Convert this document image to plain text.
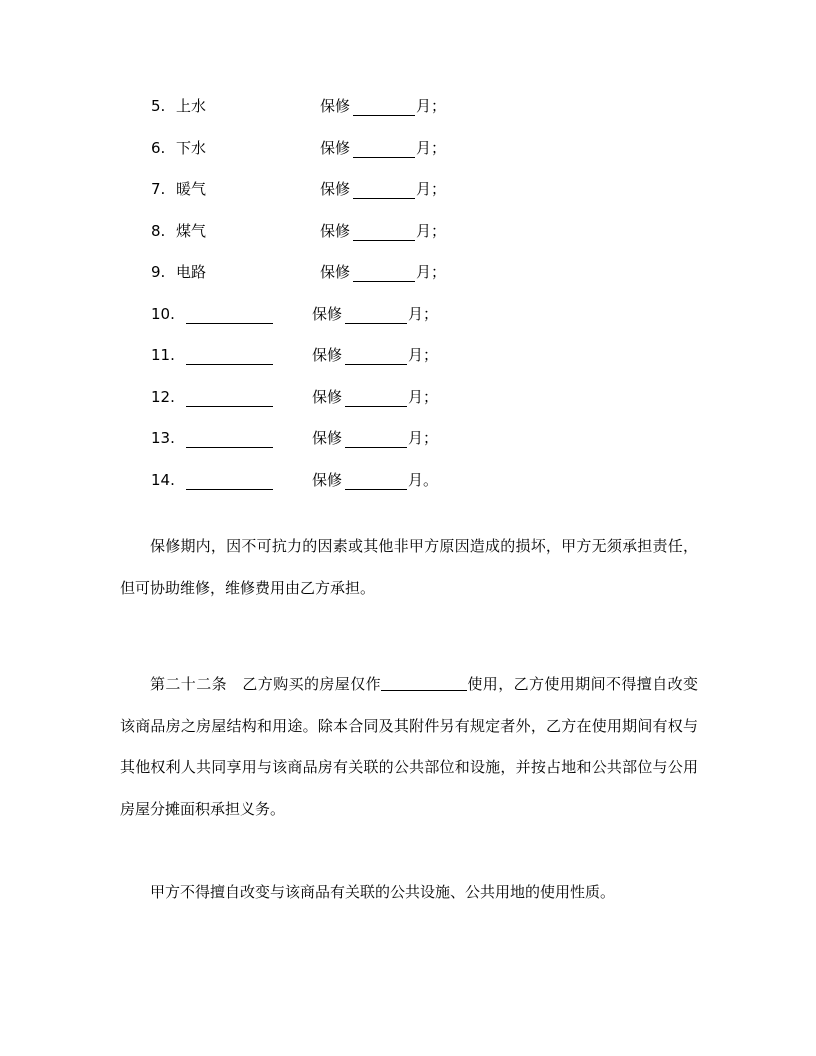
5. 上水	保修	月；
6. 下水	保修	月；
7. 暖气	保修	月；
8. 煤气	保修	月；
9. 电路	保修	月；
10.	保修	月；
11.	保修	月；
12.	保修	月；
13.	保修	月；
14.	保修	月。

保修期内，因不可抗力的因素或其他非甲方原因造成的损坏，甲方无须承担责任，但可协助维修，维修费用由乙方承担。

第二十二条　乙方购买的房屋仅作	使用，乙方使用期间不得擅自改变该商品房之房屋结构和用途。除本合同及其附件另有规定者外，乙方在使用期间有权与其他权利人共同享用与该商品房有关联的公共部位和设施，并按占地和公共部位与公用房屋分摊面积承担义务。

甲方不得擅自改变与该商品有关联的公共设施、公共用地的使用性质。
